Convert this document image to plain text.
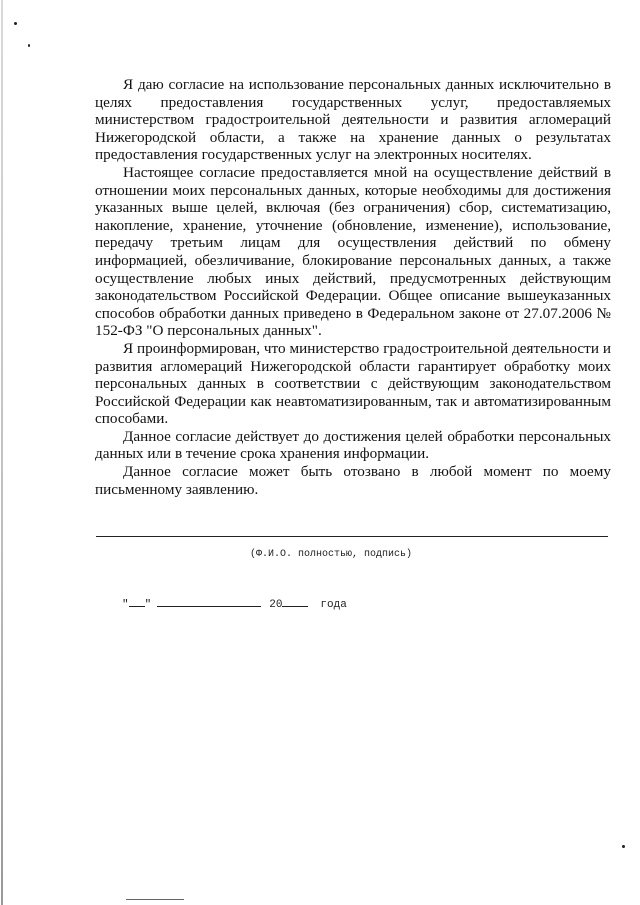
Я даю согласие на использование персональных данных исключительно в целях предоставления государственных услуг, предоставляемых министерством градостроительной деятельности и развития агломераций Нижегородской области, а также на хранение данных о результатах предоставления государственных услуг на электронных носителях.

Настоящее согласие предоставляется мной на осуществление действий в отношении моих персональных данных, которые необходимы для достижения указанных выше целей, включая (без ограничения) сбор, систематизацию, накопление, хранение, уточнение (обновление, изменение), использование, передачу третьим лицам для осуществления действий по обмену информацией, обезличивание, блокирование персональных данных, а также осуществление любых иных действий, предусмотренных действующим законодательством Российской Федерации. Общее описание вышеуказанных способов обработки данных приведено в Федеральном законе от 27.07.2006 № 152-ФЗ "О персональных данных".

Я проинформирован, что министерство градостроительной деятельности и развития агломераций Нижегородской области гарантирует обработку моих персональных данных в соответствии с действующим законодательством Российской Федерации как неавтоматизированным, так и автоматизированным способами.

Данное согласие действует до достижения целей обработки персональных данных или в течение срока хранения информации.

Данное согласие может быть отозвано в любой момент по моему письменному заявлению.

(Ф.И.О. полностью, подпись)
" "	20	года
